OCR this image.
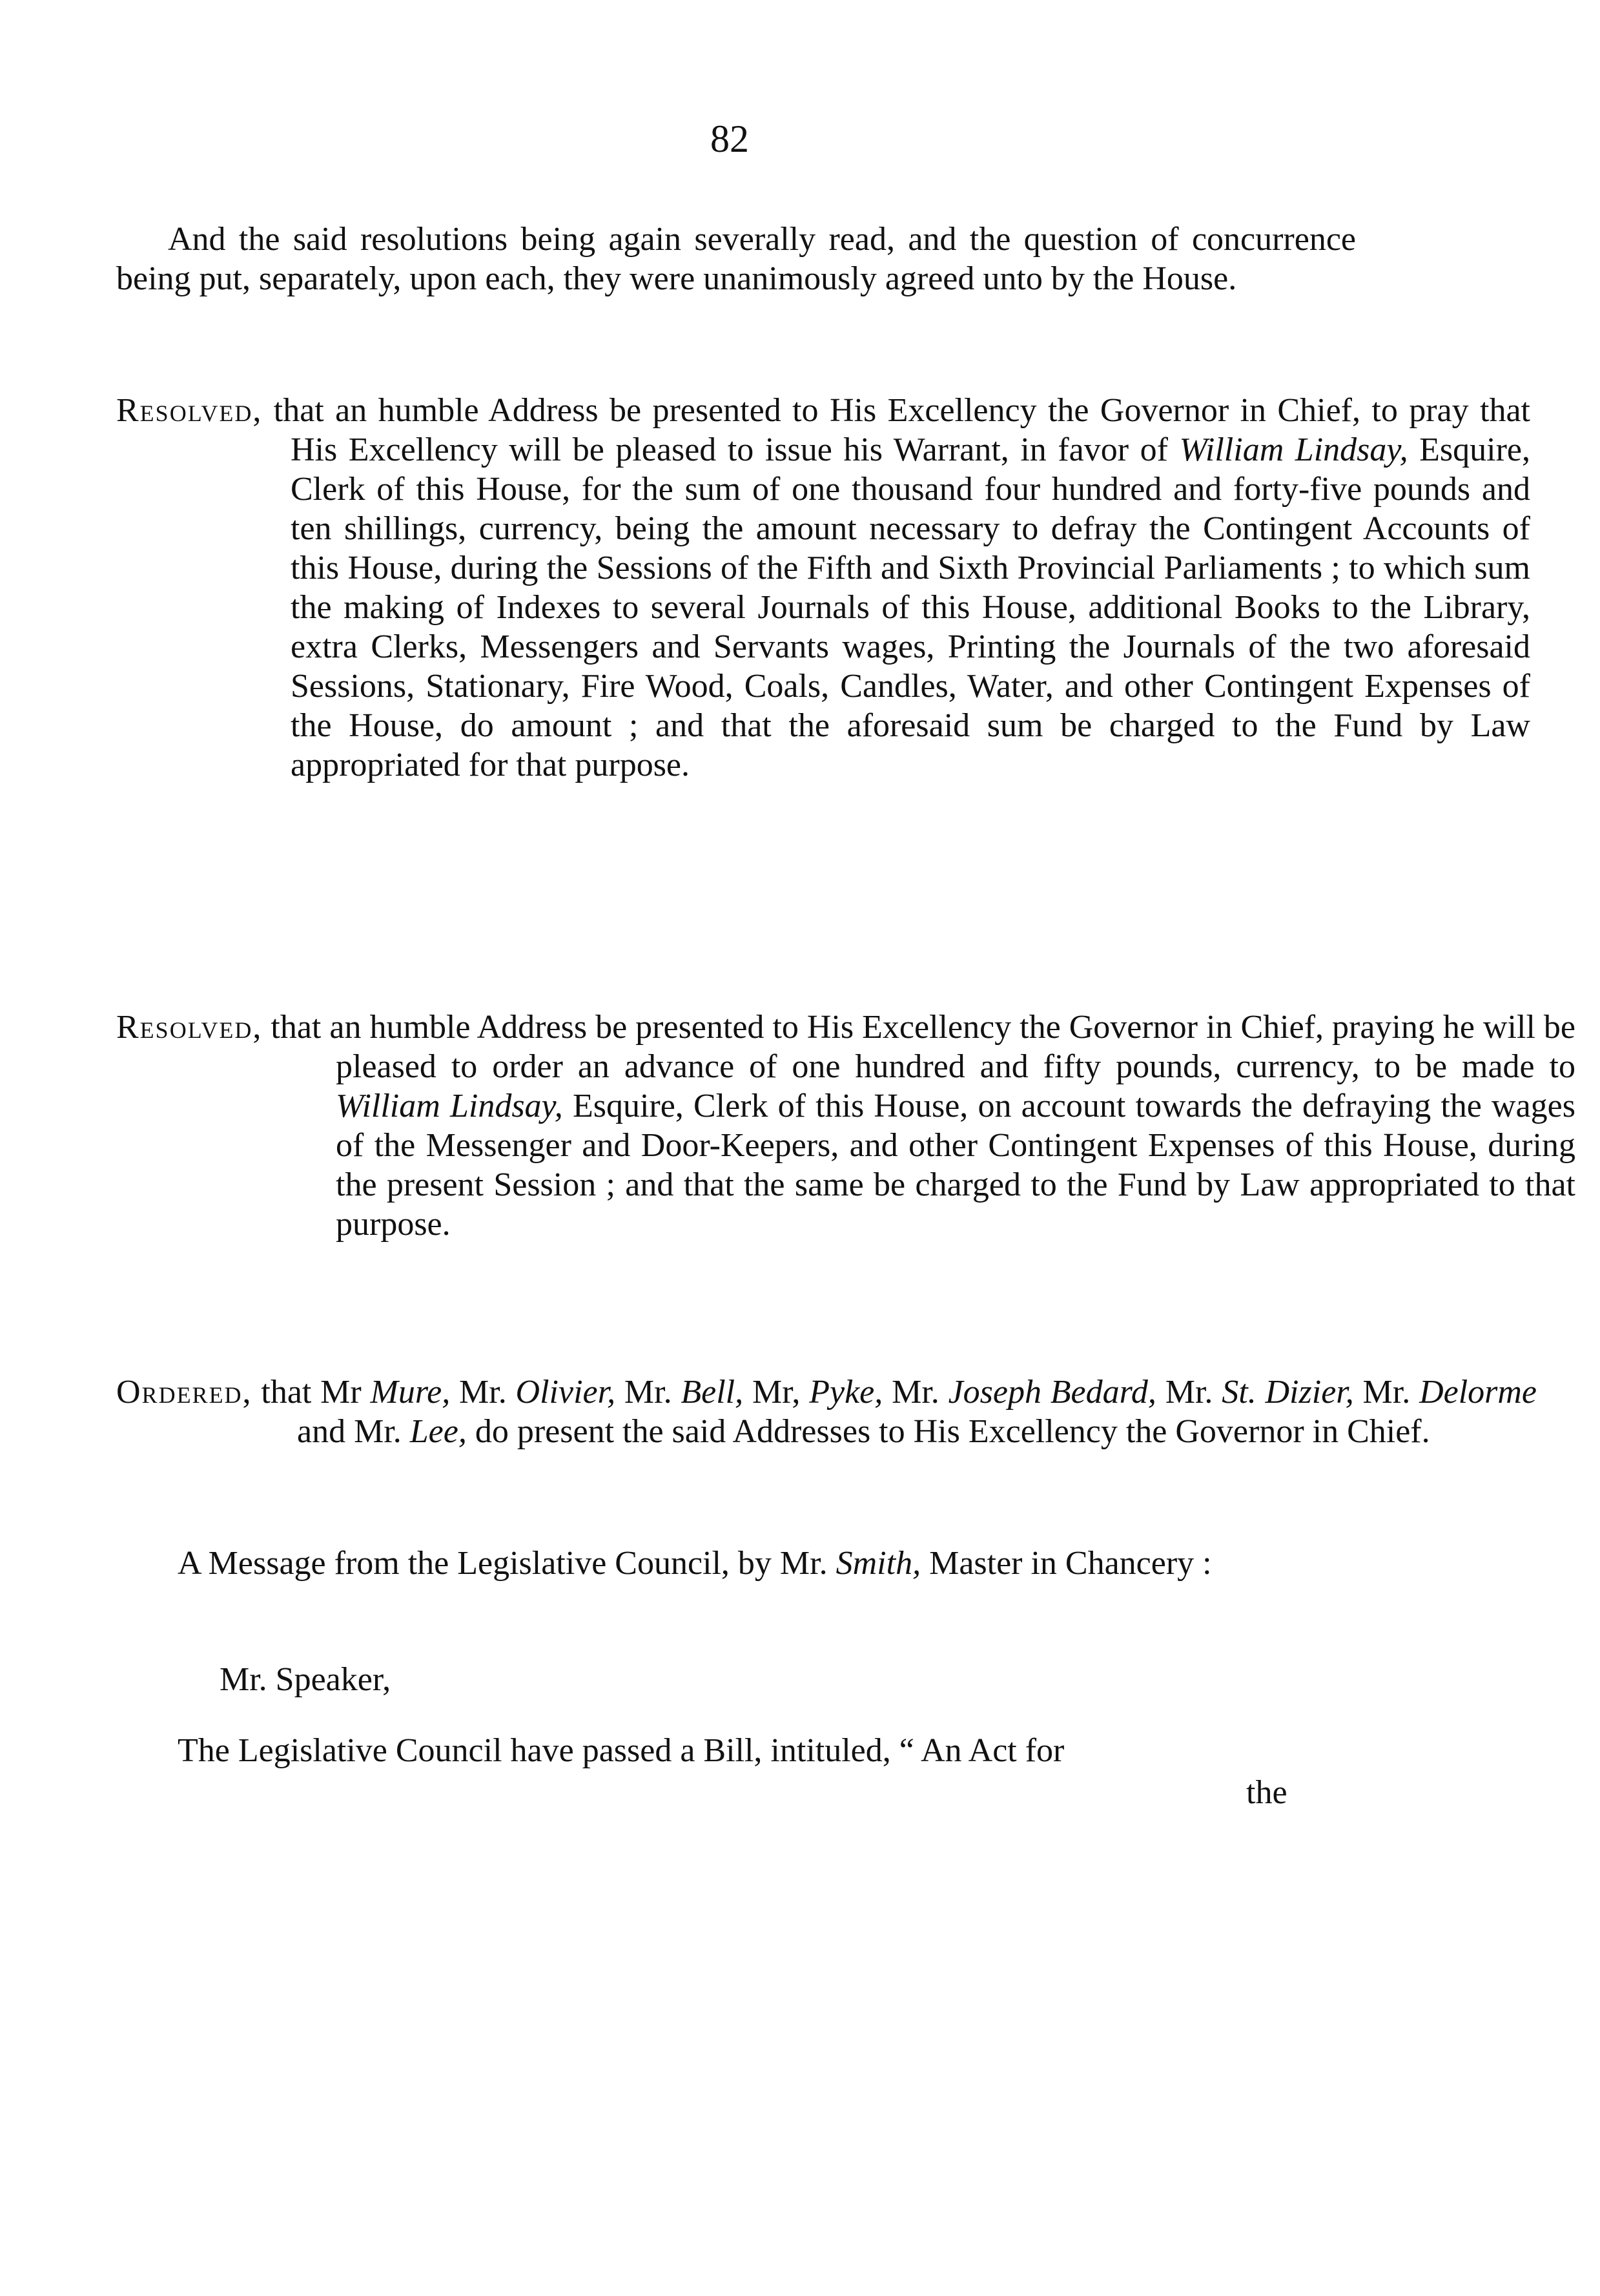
82
And the said resolutions being again severally read, and the question of concurrence being put, separately, upon each, they were unanimously agreed unto by the House.
Resolved, that an humble Address be presented to His Excellency the Governor in Chief, to pray that His Excellency will be pleased to issue his Warrant, in favor of William Lindsay, Esquire, Clerk of this House, for the sum of one thousand four hundred and forty-five pounds and ten shillings, currency, being the amount necessary to defray the Contingent Accounts of this House, during the Sessions of the Fifth and Sixth Provincial Parliaments ; to which sum the making of Indexes to several Journals of this House, additional Books to the Library, extra Clerks, Messengers and Servants wages, Printing the Journals of the two aforesaid Sessions, Stationary, Fire Wood, Coals, Candles, Water, and other Contingent Expenses of the House, do amount ; and that the aforesaid sum be charged to the Fund by Law appropriated for that purpose.
Resolved, that an humble Address be presented to His Excellency the Governor in Chief, praying he will be pleased to order an advance of one hundred and fifty pounds, currency, to be made to William Lindsay, Esquire, Clerk of this House, on account towards the defraying the wages of the Messenger and Door-Keepers, and other Contingent Expenses of this House, during the present Session ; and that the same be charged to the Fund by Law appropriated to that purpose.
Ordered, that Mr Mure, Mr. Olivier, Mr. Bell, Mr, Pyke, Mr. Joseph Bedard, Mr. St. Dizier, Mr. Delorme and Mr. Lee, do present the said Addresses to His Excellency the Governor in Chief.
A Message from the Legislative Council, by Mr. Smith, Master in Chancery :
Mr. Speaker,
The Legislative Council have passed a Bill, intituled, “ An Act for
the
